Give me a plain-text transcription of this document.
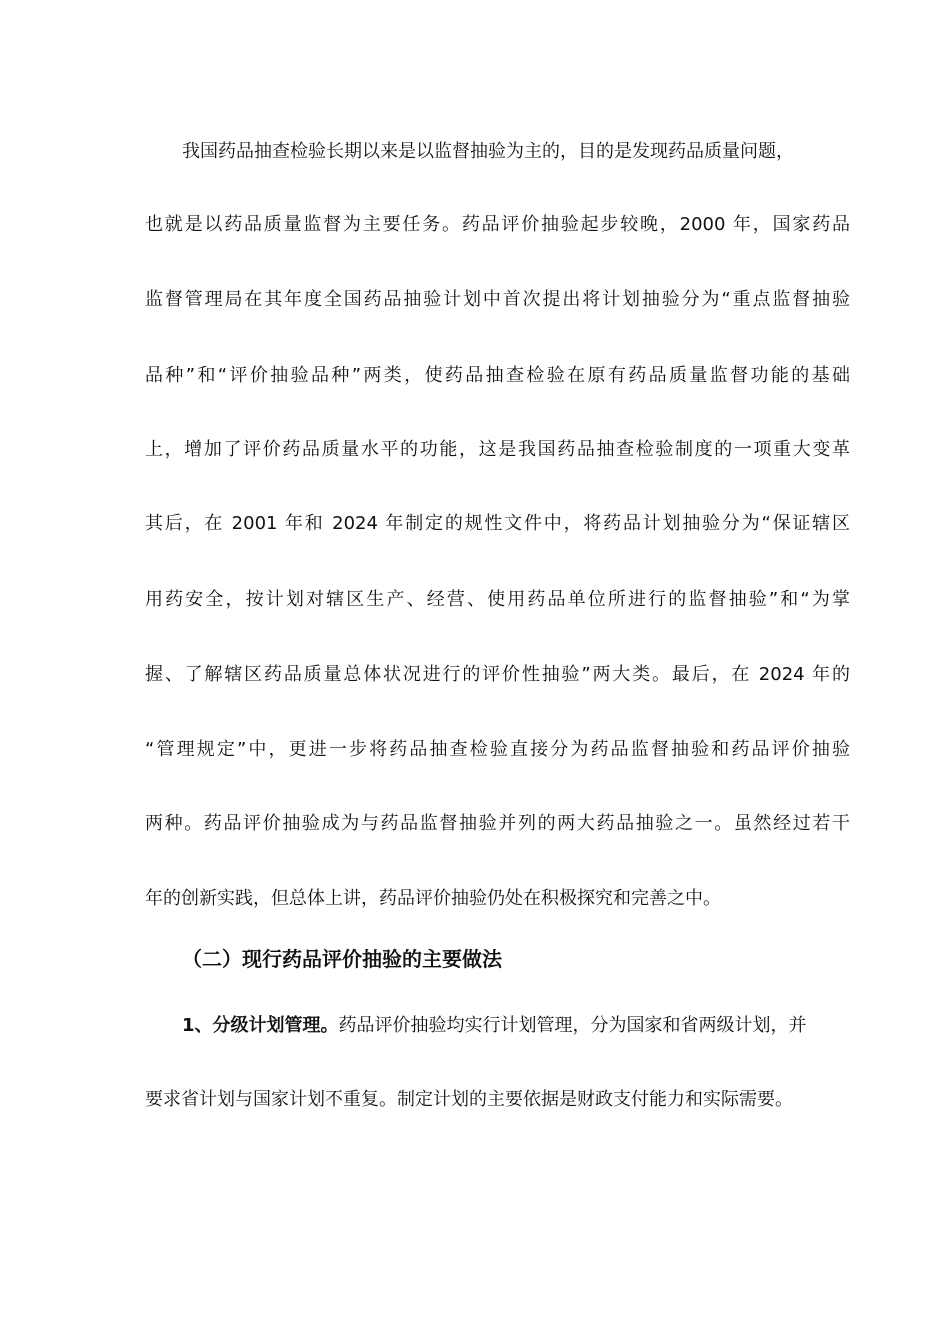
我国药品抽查检验长期以来是以监督抽验为主的，目的是发现药品质量问题，
也就是以药品质量监督为主要任务。药品评价抽验起步较晚，2000 年，国家药品
监督管理局在其年度全国药品抽验计划中首次提出将计划抽验分为“重点监督抽验
品种”和“评价抽验品种”两类，使药品抽查检验在原有药品质量监督功能的基础
上，增加了评价药品质量水平的功能，这是我国药品抽查检验制度的一项重大变革
其后，在 2001 年和 2024 年制定的规性文件中，将药品计划抽验分为“保证辖区
用药安全，按计划对辖区生产、经营、使用药品单位所进行的监督抽验”和“为掌
握、了解辖区药品质量总体状况进行的评价性抽验”两大类。最后，在 2024 年的
“管理规定”中，更进一步将药品抽查检验直接分为药品监督抽验和药品评价抽验
两种。药品评价抽验成为与药品监督抽验并列的两大药品抽验之一。虽然经过若干
年的创新实践，但总体上讲，药品评价抽验仍处在积极探究和完善之中。
（二）现行药品评价抽验的主要做法
1、分级计划管理。药品评价抽验均实行计划管理，分为国家和省两级计划，并
要求省计划与国家计划不重复。制定计划的主要依据是财政支付能力和实际需要。
